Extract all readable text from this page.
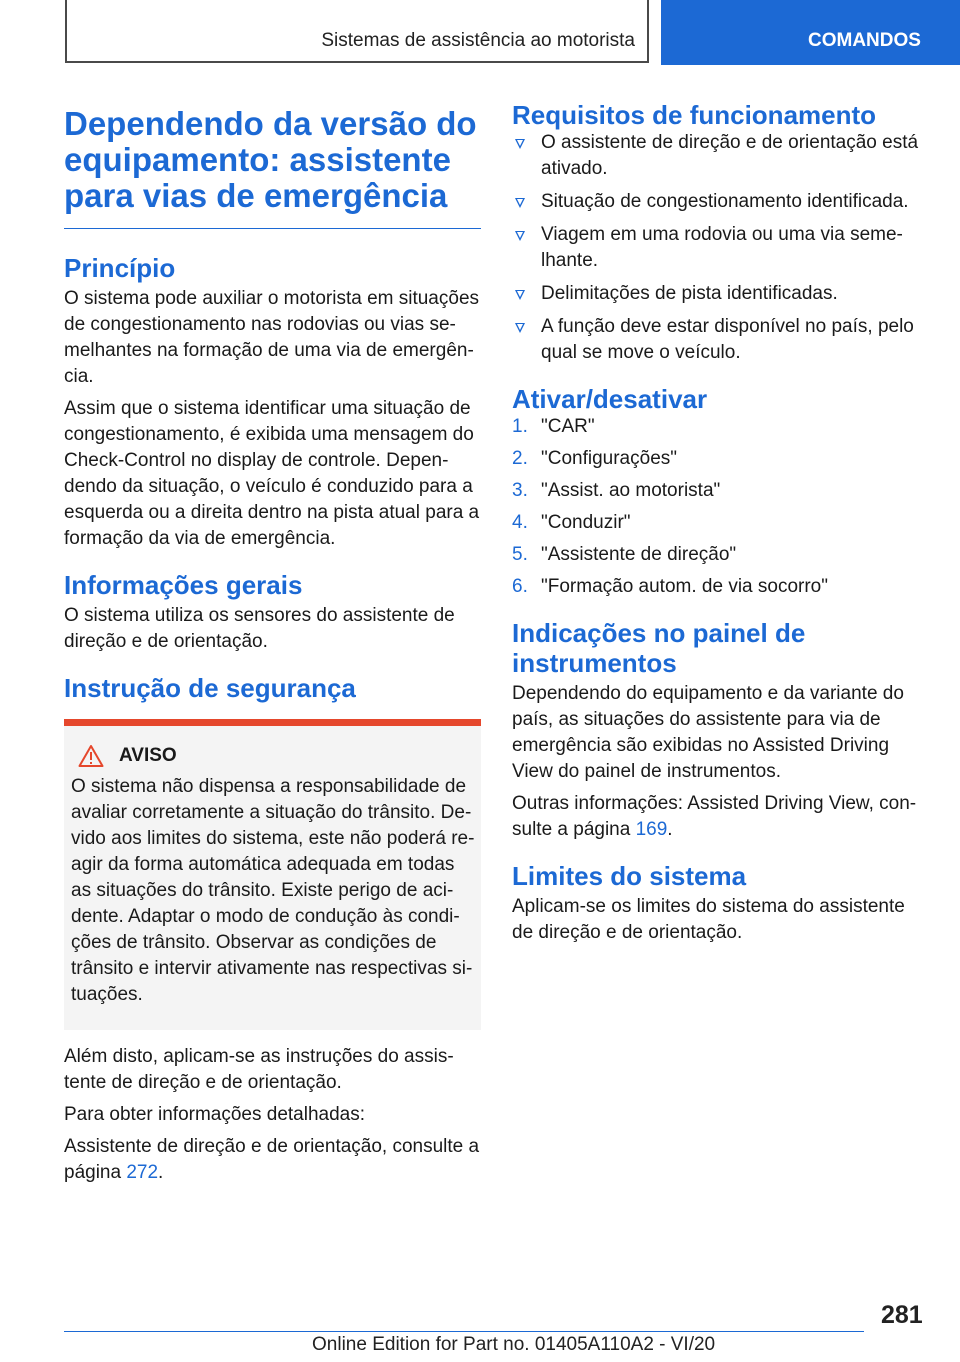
Sistemas de assistência ao motorista	COMANDOS
Dependendo da versão do equipamento: assistente para vias de emergência
Princípio

O sistema pode auxiliar o motorista em situações de congestionamento nas rodovias ou vias semelhantes na formação de uma via de emergência.

Assim que o sistema identificar uma situação de congestionamento, é exibida uma mensagem do Check-Control no display de controle. Dependendo da situação, o veículo é conduzido para a esquerda ou a direita dentro na pista atual para a formação da via de emergência.

Informações gerais

O sistema utiliza os sensores do assistente de direção e de orientação.

Instrução de segurança
AVISO

O sistema não dispensa a responsabilidade de avaliar corretamente a situação do trânsito. Devido aos limites do sistema, este não poderá reagir da forma automática adequada em todas as situações do trânsito. Existe perigo de acidente. Adaptar o modo de condução às condições de trânsito. Observar as condições de trânsito e intervir ativamente nas respectivas situações.

Além disto, aplicam-se as instruções do assistente de direção e de orientação.

Para obter informações detalhadas:

Assistente de direção e de orientação, consulte a página 272.

Requisitos de funcionamento
O assistente de direção e de orientação está ativado.
Situação de congestionamento identificada.
Viagem em uma rodovia ou uma via semelhante.
Delimitações de pista identificadas.
A função deve estar disponível no país, pelo qual se move o veículo.
Ativar/desativar
1. "CAR"
2. "Configurações"
3. "Assist. ao motorista"
4. "Conduzir"
5. "Assistente de direção"
6. "Formação autom. de via socorro"
Indicações no painel de instrumentos

Dependendo do equipamento e da variante do país, as situações do assistente para via de emergência são exibidas no Assisted Driving View do painel de instrumentos.

Outras informações: Assisted Driving View, consulte a página 169.

Limites do sistema

Aplicam-se os limites do sistema do assistente de direção e de orientação.

281
Online Edition for Part no. 01405A110A2 - VI/20
